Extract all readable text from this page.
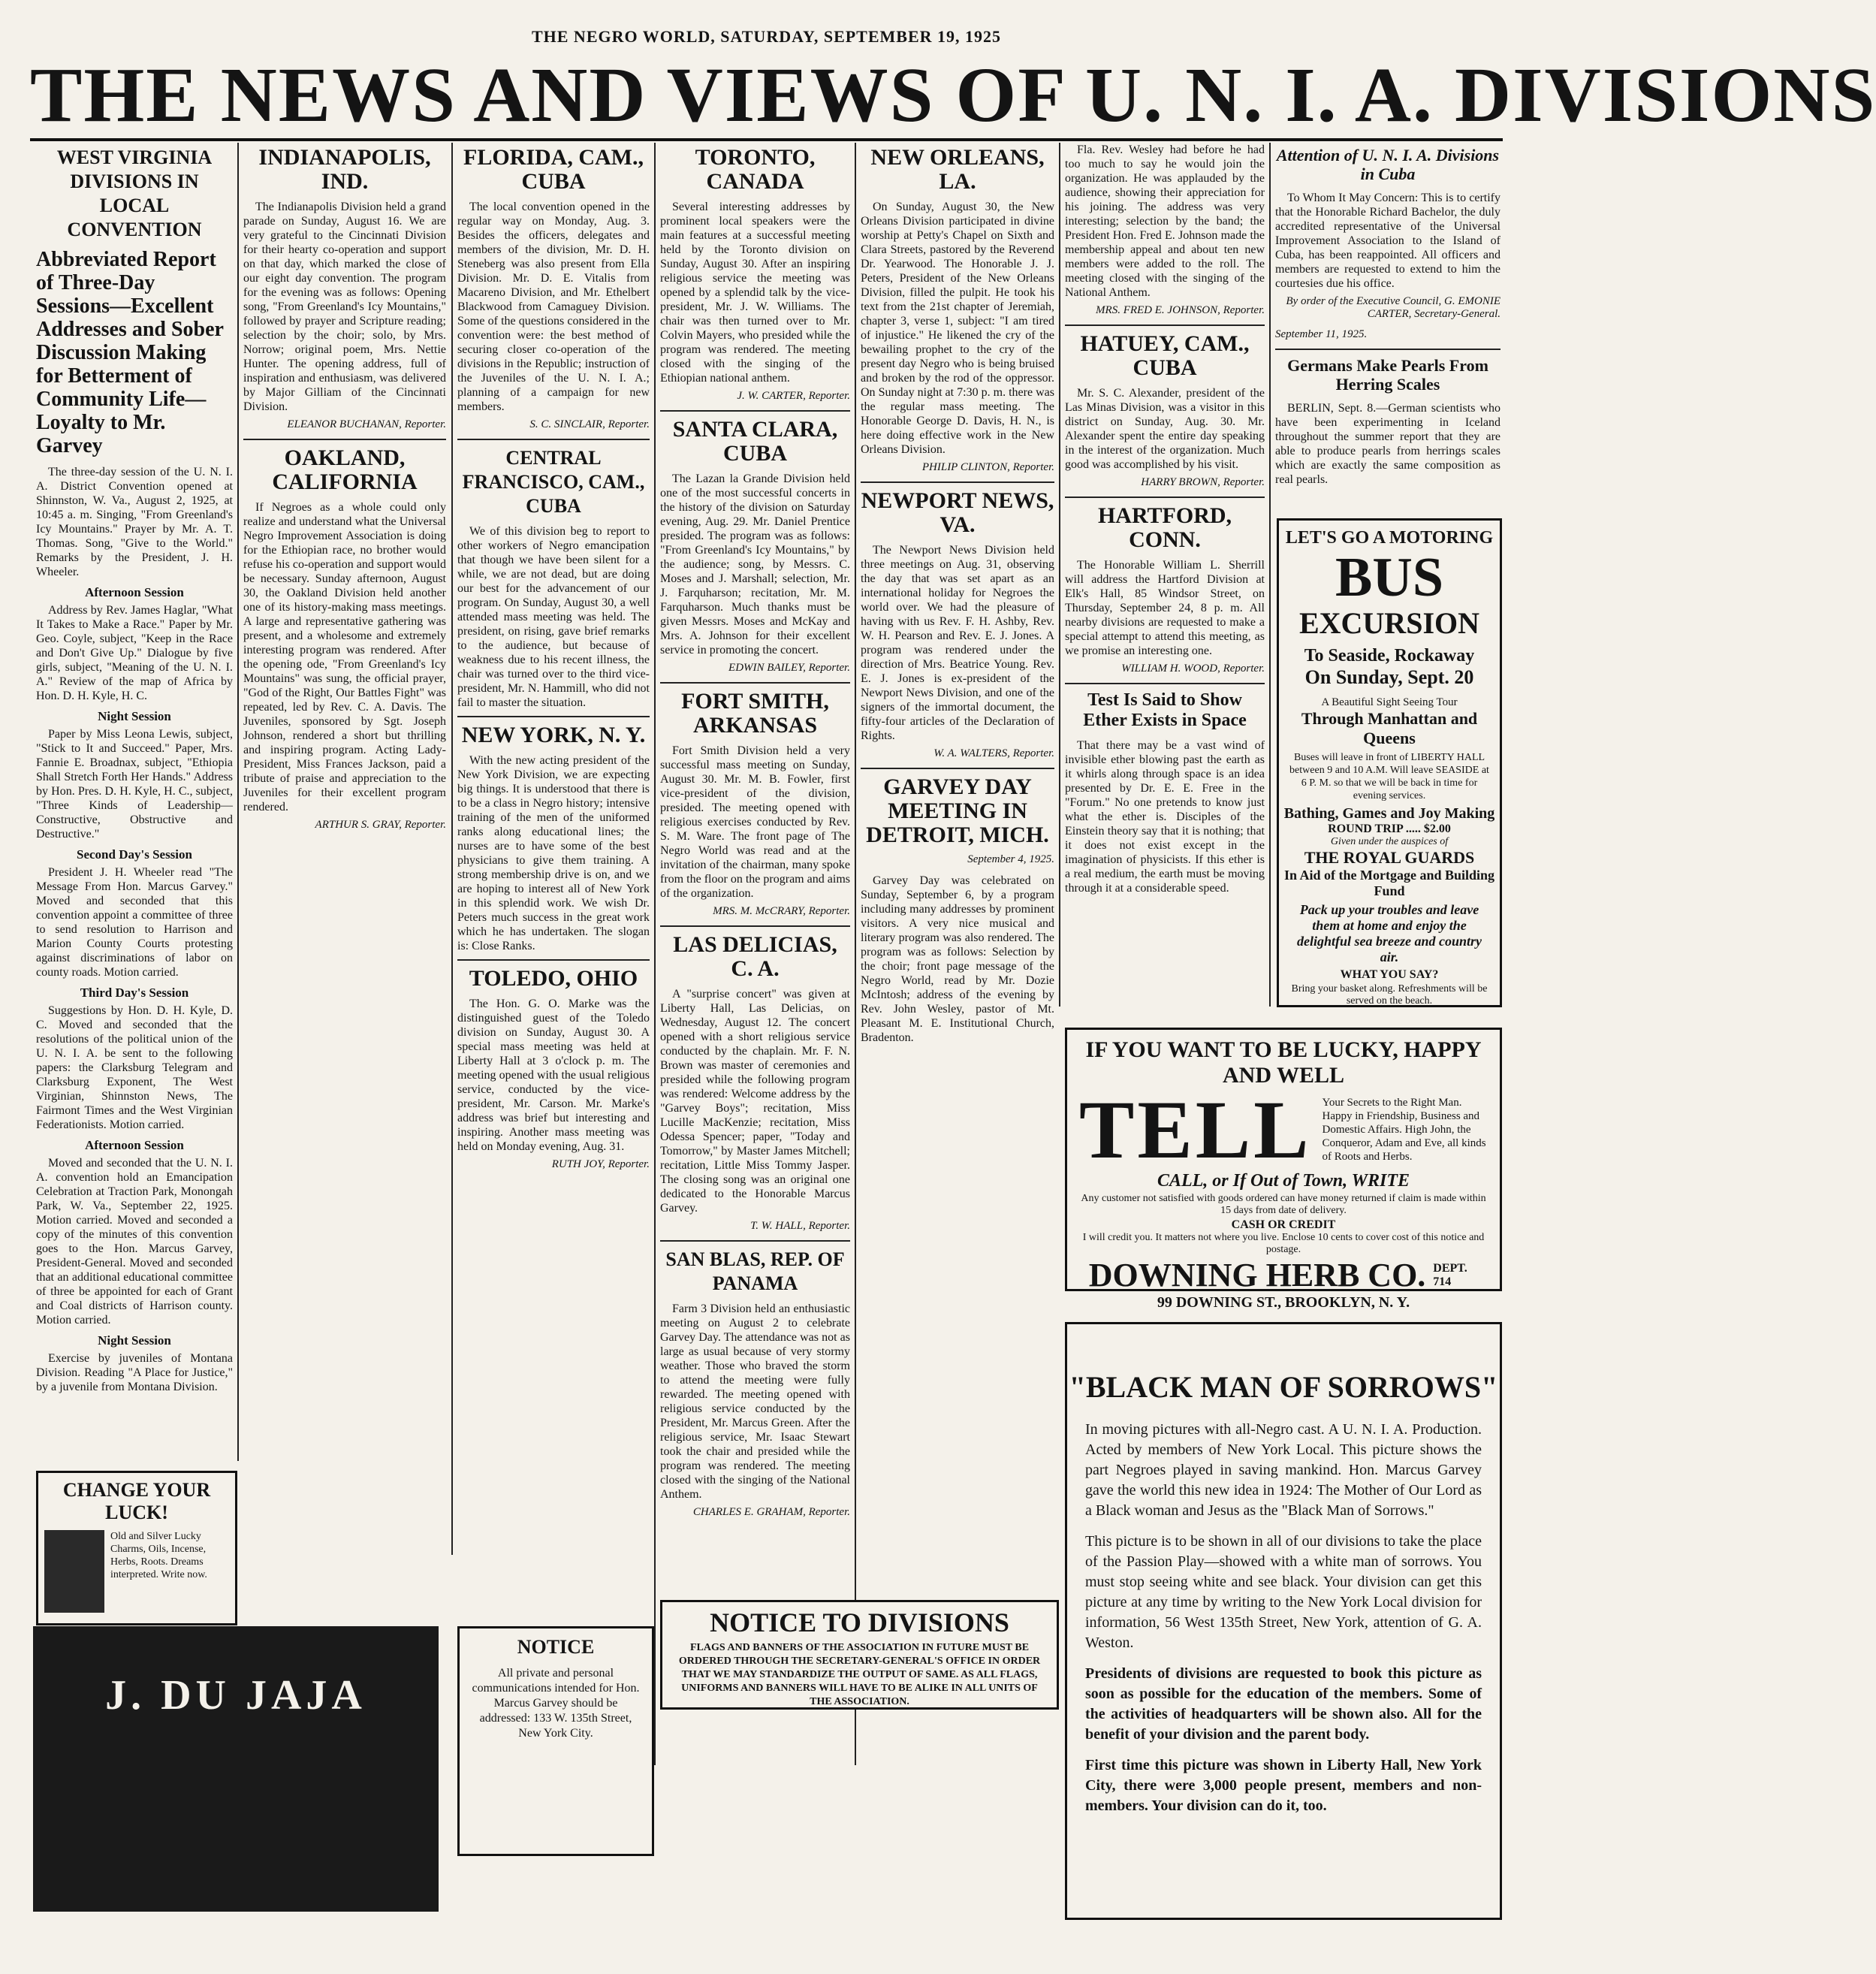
THE NEGRO WORLD, SATURDAY, SEPTEMBER 19, 1925
THE NEWS AND VIEWS OF U. N. I. A. DIVISIONS
WEST VIRGINIA DIVISIONS IN LOCAL CONVENTION
Abbreviated Report of Three-Day Sessions—Excellent Addresses and Sober Discussion Making for Betterment of Community Life—Loyalty to Mr. Garvey

The three-day session of the U. N. I. A. District Convention opened at Shinnston, W. Va., August 2, 1925, at 10:45 a. m. Singing, "From Greenland's Icy Mountains." Prayer by Mr. A. T. Thomas. Song, "Give to the World." Remarks by the President, J. H. Wheeler.

Afternoon Session

Address by Rev. James Haglar, "What It Takes to Make a Race." Paper by Mr. Geo. Coyle, subject, "Keep in the Race and Don't Give Up." Dialogue by five girls, subject, "Meaning of the U. N. I. A." Review of the map of Africa by Hon. D. H. Kyle, H. C.

Night Session

Paper by Miss Leona Lewis, subject, "Stick to It and Succeed." Paper, Mrs. Fannie E. Broadnax, subject, "Ethiopia Shall Stretch Forth Her Hands." Address by Hon. Pres. D. H. Kyle, H. C., subject, "Three Kinds of Leadership—Constructive, Obstructive and Destructive."

Second Day's Session

President J. H. Wheeler read "The Message From Hon. Marcus Garvey." Moved and seconded that this convention appoint a committee of three to send resolution to Harrison and Marion County Courts protesting against discriminations of labor on county roads. Motion carried.

Third Day's Session

Suggestions by Hon. D. H. Kyle, D. C. Moved and seconded that the resolutions of the political union of the U. N. I. A. be sent to the following papers: the Clarksburg Telegram and Clarksburg Exponent, The West Virginian, Shinnston News, The Fairmont Times and the West Virginian Federationists. Motion carried.

Afternoon Session

Moved and seconded that the U. N. I. A. convention hold an Emancipation Celebration at Traction Park, Monongah Park, W. Va., September 22, 1925. Motion carried. Moved and seconded a copy of the minutes of this convention goes to the Hon. Marcus Garvey, President-General. Moved and seconded that an additional educational committee of three be appointed for each of Grant and Coal districts of Harrison county. Motion carried.

Night Session

Exercise by juveniles of Montana Division. Reading "A Place for Justice," by a juvenile from Montana Division.

CHANGE YOUR LUCK!
Old and Silver Lucky Charms, Oils, Incense, Herbs, Roots. Dreams interpreted. Write now.
J. DU JAJA
INDIANAPOLIS, IND.

The Indianapolis Division held a grand parade on Sunday, August 16. We are very grateful to the Cincinnati Division for their hearty co-operation and support on that day, which marked the close of our eight day convention. The program for the evening was as follows: Opening song, "From Greenland's Icy Mountains," followed by prayer and Scripture reading; selection by the choir; solo, by Mrs. Norrow; original poem, Mrs. Nettie Hunter. The opening address, full of inspiration and enthusiasm, was delivered by Major Gilliam of the Cincinnati Division.

ELEANOR BUCHANAN, Reporter.
OAKLAND, CALIFORNIA

If Negroes as a whole could only realize and understand what the Universal Negro Improvement Association is doing for the Ethiopian race, no brother would refuse his co-operation and support would be necessary. Sunday afternoon, August 30, the Oakland Division held another one of its history-making mass meetings. A large and representative gathering was present, and a wholesome and extremely interesting program was rendered. After the opening ode, "From Greenland's Icy Mountains" was sung, the official prayer, "God of the Right, Our Battles Fight" was repeated, led by Rev. C. A. Davis. The Juveniles, sponsored by Sgt. Joseph Johnson, rendered a short but thrilling and inspiring program. Acting Lady-President, Miss Frances Jackson, paid a tribute of praise and appreciation to the Juveniles for their excellent program rendered.

ARTHUR S. GRAY, Reporter.
FLORIDA, CAM., CUBA

The local convention opened in the regular way on Monday, Aug. 3. Besides the officers, delegates and members of the division, Mr. D. H. Steneberg was also present from Ella Division. Mr. D. E. Vitalis from Macareno Division, and Mr. Ethelbert Blackwood from Camaguey Division. Some of the questions considered in the convention were: the best method of securing closer co-operation of the divisions in the Republic; instruction of the Juveniles of the U. N. I. A.; planning of a campaign for new members.

S. C. SINCLAIR, Reporter.
CENTRAL FRANCISCO, CAM., CUBA

We of this division beg to report to other workers of Negro emancipation that though we have been silent for a while, we are not dead, but are doing our best for the advancement of our program. On Sunday, August 30, a well attended mass meeting was held. The president, on rising, gave brief remarks to the audience, but because of weakness due to his recent illness, the chair was turned over to the third vice-president, Mr. N. Hammill, who did not fail to master the situation.

NEW YORK, N. Y.

With the new acting president of the New York Division, we are expecting big things. It is understood that there is to be a class in Negro history; intensive training of the men of the uniformed ranks along educational lines; the nurses are to have some of the best physicians to give them training. A strong membership drive is on, and we are hoping to interest all of New York in this splendid work. We wish Dr. Peters much success in the great work which he has undertaken. The slogan is: Close Ranks.

TOLEDO, OHIO

The Hon. G. O. Marke was the distinguished guest of the Toledo division on Sunday, August 30. A special mass meeting was held at Liberty Hall at 3 o'clock p. m. The meeting opened with the usual religious service, conducted by the vice-president, Mr. Carson. Mr. Marke's address was brief but interesting and inspiring. Another mass meeting was held on Monday evening, Aug. 31.

RUTH JOY, Reporter.
NOTICE
All private and personal communications intended for Hon. Marcus Garvey should be addressed: 133 W. 135th Street, New York City.
TORONTO, CANADA

Several interesting addresses by prominent local speakers were the main features at a successful meeting held by the Toronto division on Sunday, August 30. After an inspiring religious service the meeting was opened by a splendid talk by the vice-president, Mr. J. W. Williams. The chair was then turned over to Mr. Colvin Mayers, who presided while the program was rendered. The meeting closed with the singing of the Ethiopian national anthem.

J. W. CARTER, Reporter.
SANTA CLARA, CUBA

The Lazan la Grande Division held one of the most successful concerts in the history of the division on Saturday evening, Aug. 29. Mr. Daniel Prentice presided. The program was as follows: "From Greenland's Icy Mountains," by the audience; song, by Messrs. C. Moses and J. Marshall; selection, Mr. J. Farquharson; recitation, Mr. M. Farquharson. Much thanks must be given Messrs. Moses and McKay and Mrs. A. Johnson for their excellent service in promoting the concert.

EDWIN BAILEY, Reporter.
FORT SMITH, ARKANSAS

Fort Smith Division held a very successful mass meeting on Sunday, August 30. Mr. M. B. Fowler, first vice-president of the division, presided. The meeting opened with religious exercises conducted by Rev. S. M. Ware. The front page of The Negro World was read and at the invitation of the chairman, many spoke from the floor on the program and aims of the organization.

MRS. M. McCRARY, Reporter.
LAS DELICIAS, C. A.

A "surprise concert" was given at Liberty Hall, Las Delicias, on Wednesday, August 12. The concert opened with a short religious service conducted by the chaplain. Mr. F. N. Brown was master of ceremonies and presided while the following program was rendered: Welcome address by the "Garvey Boys"; recitation, Miss Lucille MacKenzie; recitation, Miss Odessa Spencer; paper, "Today and Tomorrow," by Master James Mitchell; recitation, Little Miss Tommy Jasper. The closing song was an original one dedicated to the Honorable Marcus Garvey.

T. W. HALL, Reporter.
SAN BLAS, REP. OF PANAMA

Farm 3 Division held an enthusiastic meeting on August 2 to celebrate Garvey Day. The attendance was not as large as usual because of very stormy weather. Those who braved the storm to attend the meeting were fully rewarded. The meeting opened with religious service conducted by the President, Mr. Marcus Green. After the religious service, Mr. Isaac Stewart took the chair and presided while the program was rendered. The meeting closed with the singing of the National Anthem.

CHARLES E. GRAHAM, Reporter.
NOTICE TO DIVISIONS
FLAGS AND BANNERS OF THE ASSOCIATION IN FUTURE MUST BE ORDERED THROUGH THE SECRETARY-GENERAL'S OFFICE IN ORDER THAT WE MAY STANDARDIZE THE OUTPUT OF SAME. AS ALL FLAGS, UNIFORMS AND BANNERS WILL HAVE TO BE ALIKE IN ALL UNITS OF THE ASSOCIATION.
NEW ORLEANS, LA.

On Sunday, August 30, the New Orleans Division participated in divine worship at Petty's Chapel on Sixth and Clara Streets, pastored by the Reverend Dr. Yearwood. The Honorable J. J. Peters, President of the New Orleans Division, filled the pulpit. He took his text from the 21st chapter of Jeremiah, chapter 3, verse 1, subject: "I am tired of injustice." He likened the cry of the bewailing prophet to the cry of the present day Negro who is being bruised and broken by the rod of the oppressor. On Sunday night at 7:30 p. m. there was the regular mass meeting. The Honorable George D. Davis, H. N., is here doing effective work in the New Orleans Division.

PHILIP CLINTON, Reporter.
NEWPORT NEWS, VA.

The Newport News Division held three meetings on Aug. 31, observing the day that was set apart as an international holiday for Negroes the world over. We had the pleasure of having with us Rev. F. H. Ashby, Rev. W. H. Pearson and Rev. E. J. Jones. A program was rendered under the direction of Mrs. Beatrice Young. Rev. E. J. Jones is ex-president of the Newport News Division, and one of the signers of the immortal document, the fifty-four articles of the Declaration of Rights.

W. A. WALTERS, Reporter.
GARVEY DAY MEETING IN DETROIT, MICH.
September 4, 1925.

Garvey Day was celebrated on Sunday, September 6, by a program including many addresses by prominent visitors. A very nice musical and literary program was also rendered. The program was as follows: Selection by the choir; front page message of the Negro World, read by Mr. Dozie McIntosh; address of the evening by Rev. John Wesley, pastor of Mt. Pleasant M. E. Institutional Church, Bradenton.

Fla. Rev. Wesley had before he had too much to say he would join the organization. He was applauded by the audience, showing their appreciation for his joining. The address was very interesting; selection by the band; the President Hon. Fred E. Johnson made the membership appeal and about ten new members were added to the roll. The meeting closed with the singing of the National Anthem.

MRS. FRED E. JOHNSON, Reporter.
HATUEY, CAM., CUBA

Mr. S. C. Alexander, president of the Las Minas Division, was a visitor in this district on Sunday, Aug. 30. Mr. Alexander spent the entire day speaking in the interest of the organization. Much good was accomplished by his visit.

HARRY BROWN, Reporter.
HARTFORD, CONN.

The Honorable William L. Sherrill will address the Hartford Division at Elk's Hall, 85 Windsor Street, on Thursday, September 24, 8 p. m. All nearby divisions are requested to make a special attempt to attend this meeting, as we promise an interesting one.

WILLIAM H. WOOD, Reporter.
Test Is Said to Show Ether Exists in Space

That there may be a vast wind of invisible ether blowing past the earth as it whirls along through space is an idea presented by Dr. E. E. Free in the "Forum." No one pretends to know just what the ether is. Disciples of the Einstein theory say that it is nothing; that it does not exist except in the imagination of physicists. If this ether is a real medium, the earth must be moving through it at a considerable speed.

Attention of U. N. I. A. Divisions in Cuba

To Whom It May Concern: This is to certify that the Honorable Richard Bachelor, the duly accredited representative of the Universal Improvement Association to the Island of Cuba, has been reappointed. All officers and members are requested to extend to him the courtesies due his office.

By order of the Executive Council, G. EMONIE CARTER, Secretary-General.
September 11, 1925.
Germans Make Pearls From Herring Scales

BERLIN, Sept. 8.—German scientists who have been experimenting in Iceland throughout the summer report that they are able to produce pearls from herrings scales which are exactly the same composition as real pearls.

LET'S GO A MOTORING
BUS
EXCURSION
To Seaside, Rockaway
On Sunday, Sept. 20
A Beautiful Sight Seeing Tour
Through Manhattan and Queens
Buses will leave in front of LIBERTY HALL between 9 and 10 A.M. Will leave SEASIDE at 6 P. M. so that we will be back in time for evening services.
Bathing, Games and Joy Making
ROUND TRIP ..... $2.00
Given under the auspices of
THE ROYAL GUARDS
In Aid of the Mortgage and Building Fund
Pack up your troubles and leave them at home and enjoy the delightful sea breeze and country air.
WHAT YOU SAY?
Bring your basket along. Refreshments will be served on the beach.
IF YOU WANT TO BE LUCKY, HAPPY AND WELL
TELL Your Secrets to the Right Man. Happy in Friendship, Business and Domestic Affairs. High John, the Conqueror, Adam and Eve, all kinds of Roots and Herbs.
CALL, or If Out of Town, WRITE
Any customer not satisfied with goods ordered can have money returned if claim is made within 15 days from date of delivery.
CASH OR CREDIT
I will credit you. It matters not where you live. Enclose 10 cents to cover cost of this notice and postage.
DOWNING HERB CO. DEPT. 714
99 DOWNING ST., BROOKLYN, N. Y.
"BLACK MAN OF SORROWS"
In moving pictures with all-Negro cast. A U. N. I. A. Production. Acted by members of New York Local. This picture shows the part Negroes played in saving mankind. Hon. Marcus Garvey gave the world this new idea in 1924: The Mother of Our Lord as a Black woman and Jesus as the "Black Man of Sorrows."
This picture is to be shown in all of our divisions to take the place of the Passion Play—showed with a white man of sorrows. You must stop seeing white and see black. Your division can get this picture at any time by writing to the New York Local division for information, 56 West 135th Street, New York, attention of G. A. Weston.
Presidents of divisions are requested to book this picture as soon as possible for the education of the members. Some of the activities of headquarters will be shown also. All for the benefit of your division and the parent body.
First time this picture was shown in Liberty Hall, New York City, there were 3,000 people present, members and non-members. Your division can do it, too.
